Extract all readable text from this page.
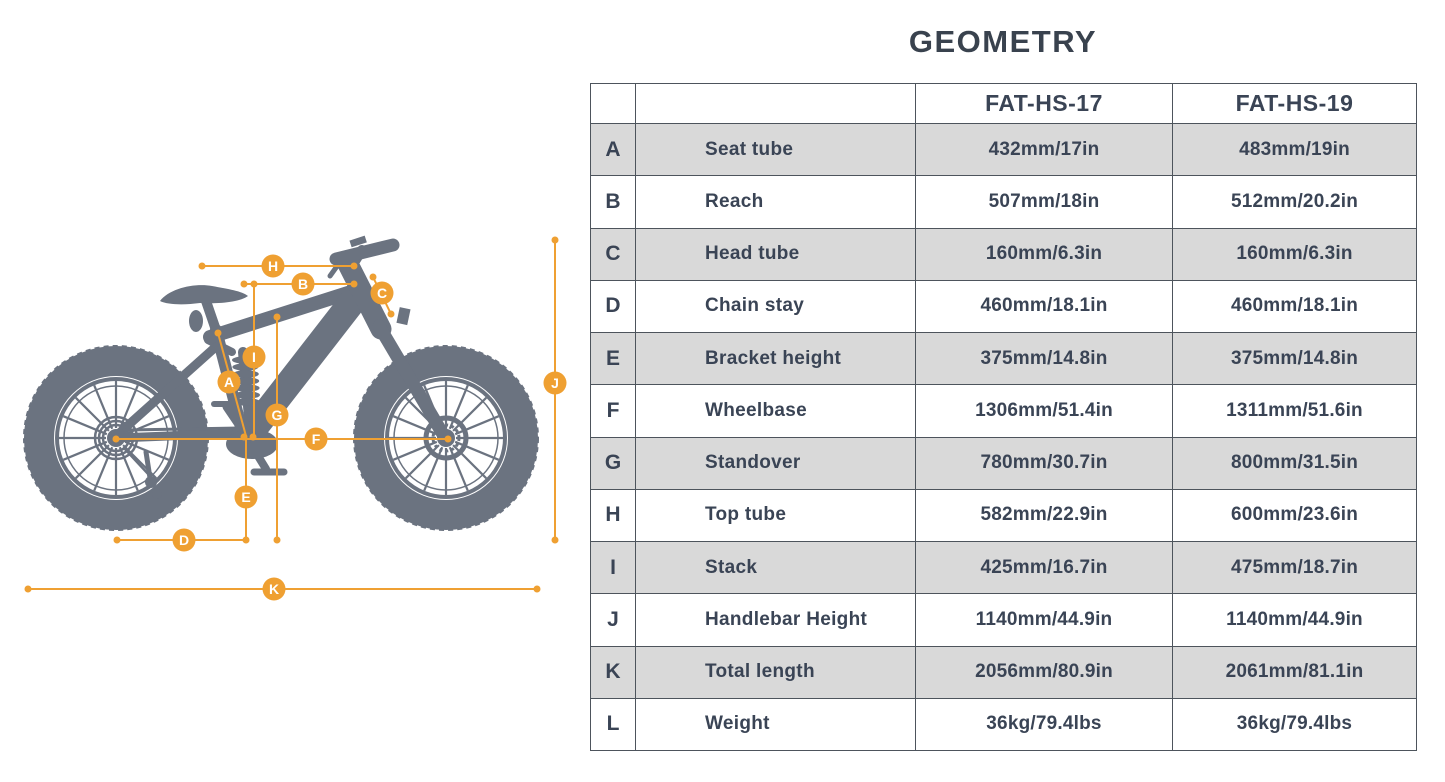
H
B
C
I
A
G
F
E
D
J
K
GEOMETRY
		FAT-HS-17	FAT-HS-19
A	Seat tube	432mm/17in	483mm/19in
B	Reach	507mm/18in	512mm/20.2in
C	Head tube	160mm/6.3in	160mm/6.3in
D	Chain stay	460mm/18.1in	460mm/18.1in
E	Bracket height	375mm/14.8in	375mm/14.8in
F	Wheelbase	1306mm/51.4in	1311mm/51.6in
G	Standover	780mm/30.7in	800mm/31.5in
H	Top tube	582mm/22.9in	600mm/23.6in
I	Stack	425mm/16.7in	475mm/18.7in
J	Handlebar Height	1140mm/44.9in	1140mm/44.9in
K	Total length	2056mm/80.9in	2061mm/81.1in
L	Weight	36kg/79.4lbs	36kg/79.4lbs
